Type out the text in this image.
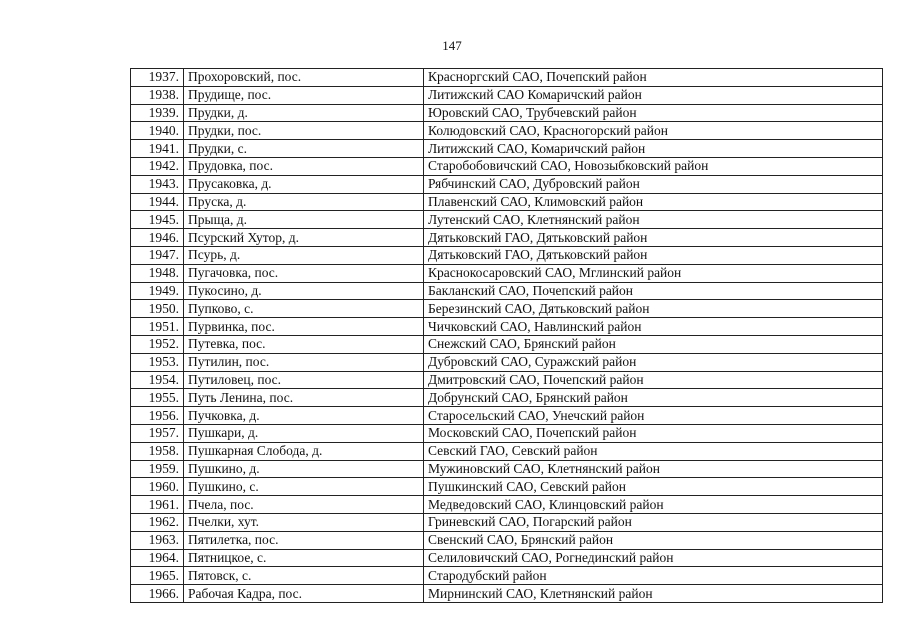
147
1937.	Прохоровский, пос.	Красноргский САО, Почепский район
1938.	Прудище, пос.	Литижский САО Комаричский район
1939.	Прудки, д.	Юровский САО, Трубчевский район
1940.	Прудки, пос.	Колюдовский САО, Красногорский район
1941.	Прудки, с.	Литижский САО, Комаричский район
1942.	Прудовка, пос.	Старобобовичский САО, Новозыбковский район
1943.	Прусаковка, д.	Рябчинский САО, Дубровский район
1944.	Пруска, д.	Плавенский САО, Климовский район
1945.	Прыща, д.	Лутенский САО, Клетнянский район
1946.	Псурский Хутор, д.	Дятьковский ГАО, Дятьковский район
1947.	Псурь, д.	Дятьковский ГАО, Дятьковский район
1948.	Пугачовка, пос.	Краснокосаровский САО, Мглинский район
1949.	Пукосино, д.	Бакланский САО, Почепский район
1950.	Пупково, с.	Березинский САО, Дятьковский район
1951.	Пурвинка, пос.	Чичковский САО, Навлинский район
1952.	Путевка, пос.	Снежский САО, Брянский район
1953.	Путилин, пос.	Дубровский САО, Суражский район
1954.	Путиловец, пос.	Дмитровский САО, Почепский район
1955.	Путь Ленина, пос.	Добрунский САО, Брянский район
1956.	Пучковка, д.	Старосельский САО, Унечский район
1957.	Пушкари, д.	Московский САО, Почепский район
1958.	Пушкарная Слобода, д.	Севский ГАО, Севский район
1959.	Пушкино, д.	Мужиновский САО, Клетнянский район
1960.	Пушкино, с.	Пушкинский САО, Севский район
1961.	Пчела, пос.	Медведовский САО, Клинцовский район
1962.	Пчелки, хут.	Гриневский САО, Погарский район
1963.	Пятилетка, пос.	Свенский САО, Брянский район
1964.	Пятницкое, с.	Селиловичский САО, Рогнединский район
1965.	Пятовск, с.	Стародубский район
1966.	Рабочая Кадра, пос.	Мирнинский САО, Клетнянский район
